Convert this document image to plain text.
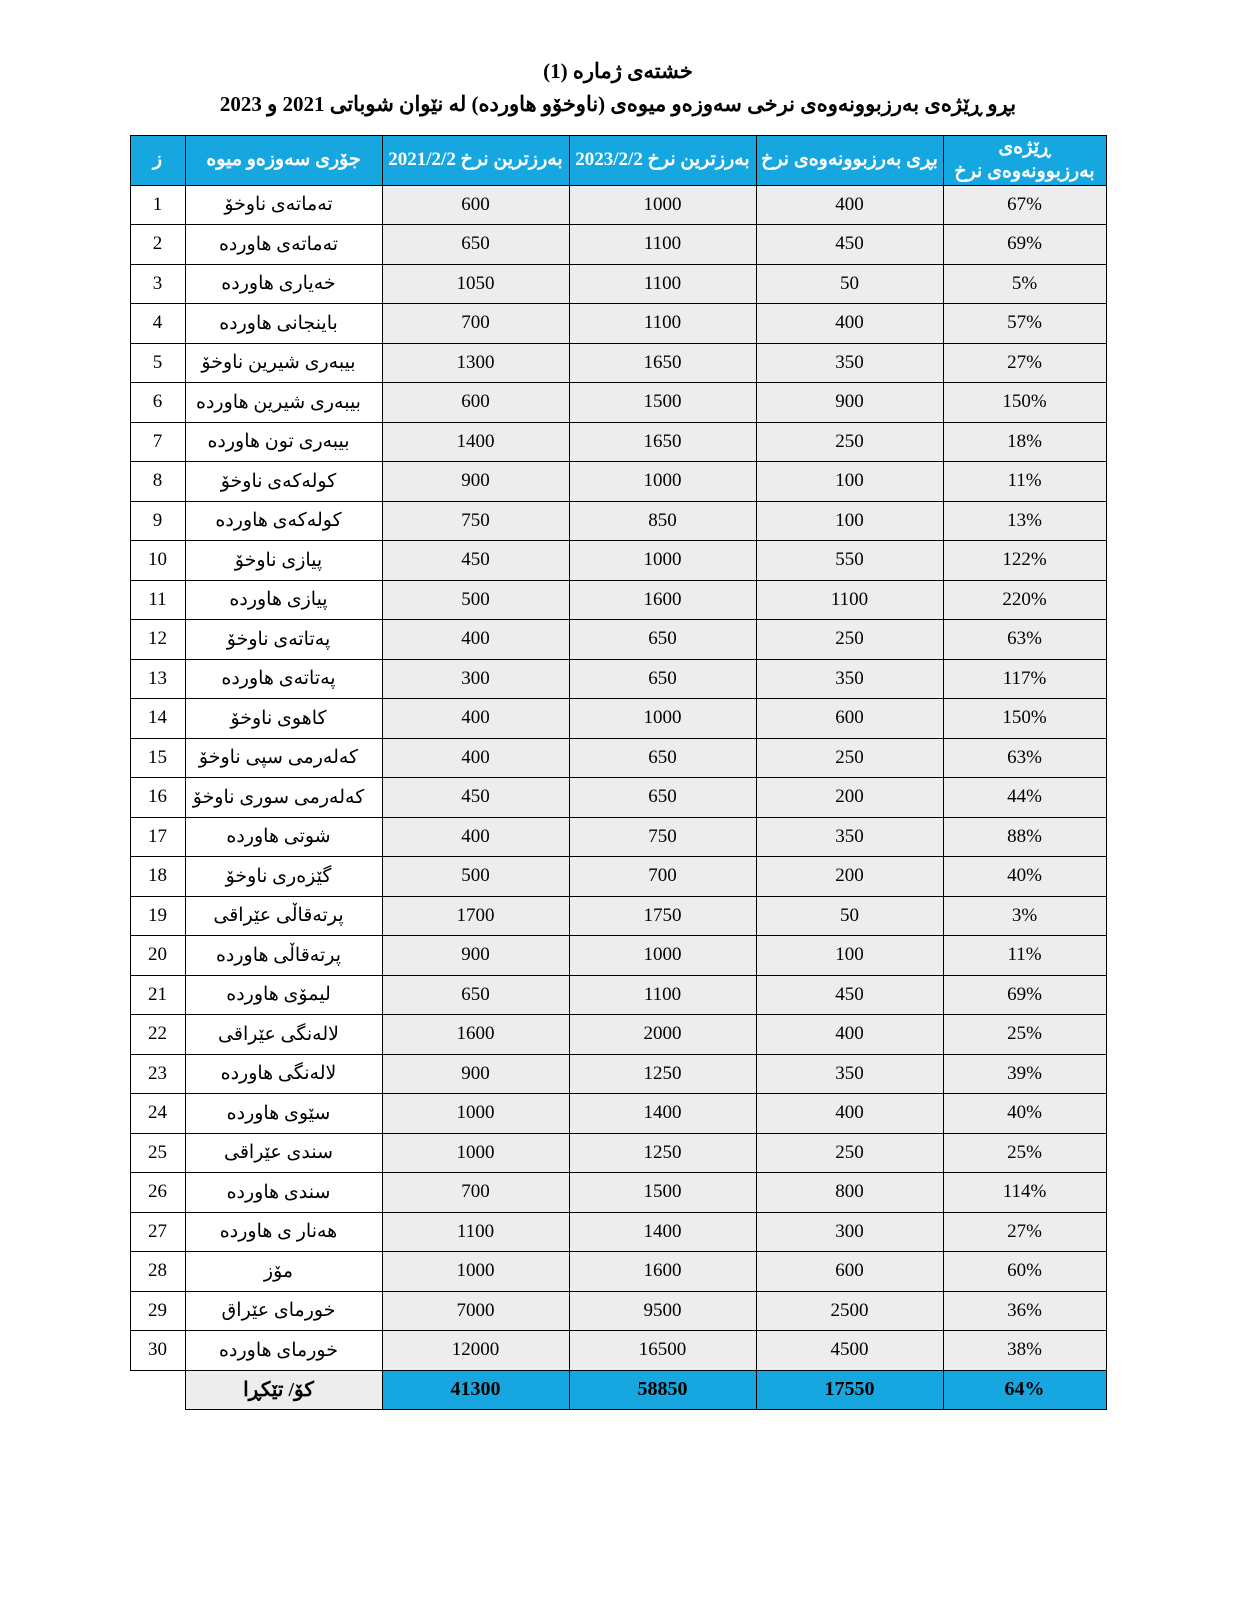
خشتەی ژمارە (1)
بڕو ڕێژەی بەرزبوونەوەی نرخی سەوزەو میوەی (ناوخۆو هاوردە) لە نێوان شوباتی 2021 و 2023
ڕێژەی بەرزبوونەوەی نرخ	بڕی بەرزبوونەوەی نرخ	بەرزترین نرخ 2023/2/2	بەرزترین نرخ 2021/2/2	جۆری سەوزەو میوە	ز
67%	400	1000	600	تەماتەی ناوخۆ	1
69%	450	1100	650	تەماتەی هاوردە	2
5%	50	1100	1050	خەیاری هاوردە	3
57%	400	1100	700	باینجانی هاوردە	4
27%	350	1650	1300	بیبەری شیرین ناوخۆ	5
150%	900	1500	600	بیبەری شیرین هاوردە	6
18%	250	1650	1400	بیبەری تون هاوردە	7
11%	100	1000	900	کولەکەی ناوخۆ	8
13%	100	850	750	کولەکەی هاوردە	9
122%	550	1000	450	پیازی ناوخۆ	10
220%	1100	1600	500	پیازی هاوردە	11
63%	250	650	400	پەتاتەی ناوخۆ	12
117%	350	650	300	پەتاتەی هاوردە	13
150%	600	1000	400	کاهوی ناوخۆ	14
63%	250	650	400	کەلەرمی سپی ناوخۆ	15
44%	200	650	450	کەلەرمی سوری ناوخۆ	16
88%	350	750	400	شوتی هاوردە	17
40%	200	700	500	گێزەری ناوخۆ	18
3%	50	1750	1700	پرتەقاڵی عێراقی	19
11%	100	1000	900	پرتەقاڵی هاوردە	20
69%	450	1100	650	لیمۆی هاوردە	21
25%	400	2000	1600	لالەنگی عێراقی	22
39%	350	1250	900	لالەنگی هاوردە	23
40%	400	1400	1000	سێوی هاوردە	24
25%	250	1250	1000	سندی عێراقی	25
114%	800	1500	700	سندی هاوردە	26
27%	300	1400	1100	هەنار ی هاوردە	27
60%	600	1600	1000	مۆز	28
36%	2500	9500	7000	خورمای عێراق	29
38%	4500	16500	12000	خورمای هاوردە	30
64%	17550	58850	41300	کۆ/ تێکڕا	
